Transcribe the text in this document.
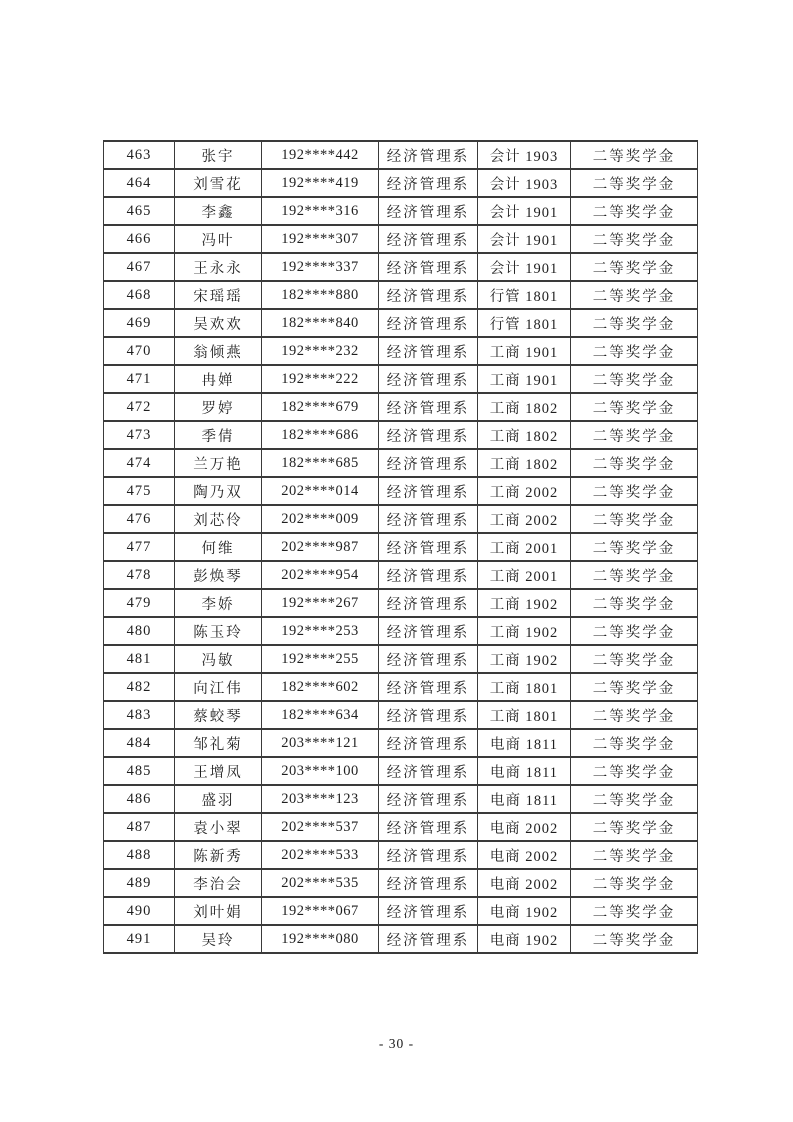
463	张宇	192****442	经济管理系	会计 1903	二等奖学金
464	刘雪花	192****419	经济管理系	会计 1903	二等奖学金
465	李鑫	192****316	经济管理系	会计 1901	二等奖学金
466	冯叶	192****307	经济管理系	会计 1901	二等奖学金
467	王永永	192****337	经济管理系	会计 1901	二等奖学金
468	宋瑶瑶	182****880	经济管理系	行管 1801	二等奖学金
469	吴欢欢	182****840	经济管理系	行管 1801	二等奖学金
470	翁倾燕	192****232	经济管理系	工商 1901	二等奖学金
471	冉婵	192****222	经济管理系	工商 1901	二等奖学金
472	罗婷	182****679	经济管理系	工商 1802	二等奖学金
473	季倩	182****686	经济管理系	工商 1802	二等奖学金
474	兰万艳	182****685	经济管理系	工商 1802	二等奖学金
475	陶乃双	202****014	经济管理系	工商 2002	二等奖学金
476	刘芯伶	202****009	经济管理系	工商 2002	二等奖学金
477	何维	202****987	经济管理系	工商 2001	二等奖学金
478	彭焕琴	202****954	经济管理系	工商 2001	二等奖学金
479	李娇	192****267	经济管理系	工商 1902	二等奖学金
480	陈玉玲	192****253	经济管理系	工商 1902	二等奖学金
481	冯敏	192****255	经济管理系	工商 1902	二等奖学金
482	向江伟	182****602	经济管理系	工商 1801	二等奖学金
483	蔡蛟琴	182****634	经济管理系	工商 1801	二等奖学金
484	邹礼菊	203****121	经济管理系	电商 1811	二等奖学金
485	王增凤	203****100	经济管理系	电商 1811	二等奖学金
486	盛羽	203****123	经济管理系	电商 1811	二等奖学金
487	袁小翠	202****537	经济管理系	电商 2002	二等奖学金
488	陈新秀	202****533	经济管理系	电商 2002	二等奖学金
489	李治会	202****535	经济管理系	电商 2002	二等奖学金
490	刘叶娟	192****067	经济管理系	电商 1902	二等奖学金
491	吴玲	192****080	经济管理系	电商 1902	二等奖学金
- 30 -
